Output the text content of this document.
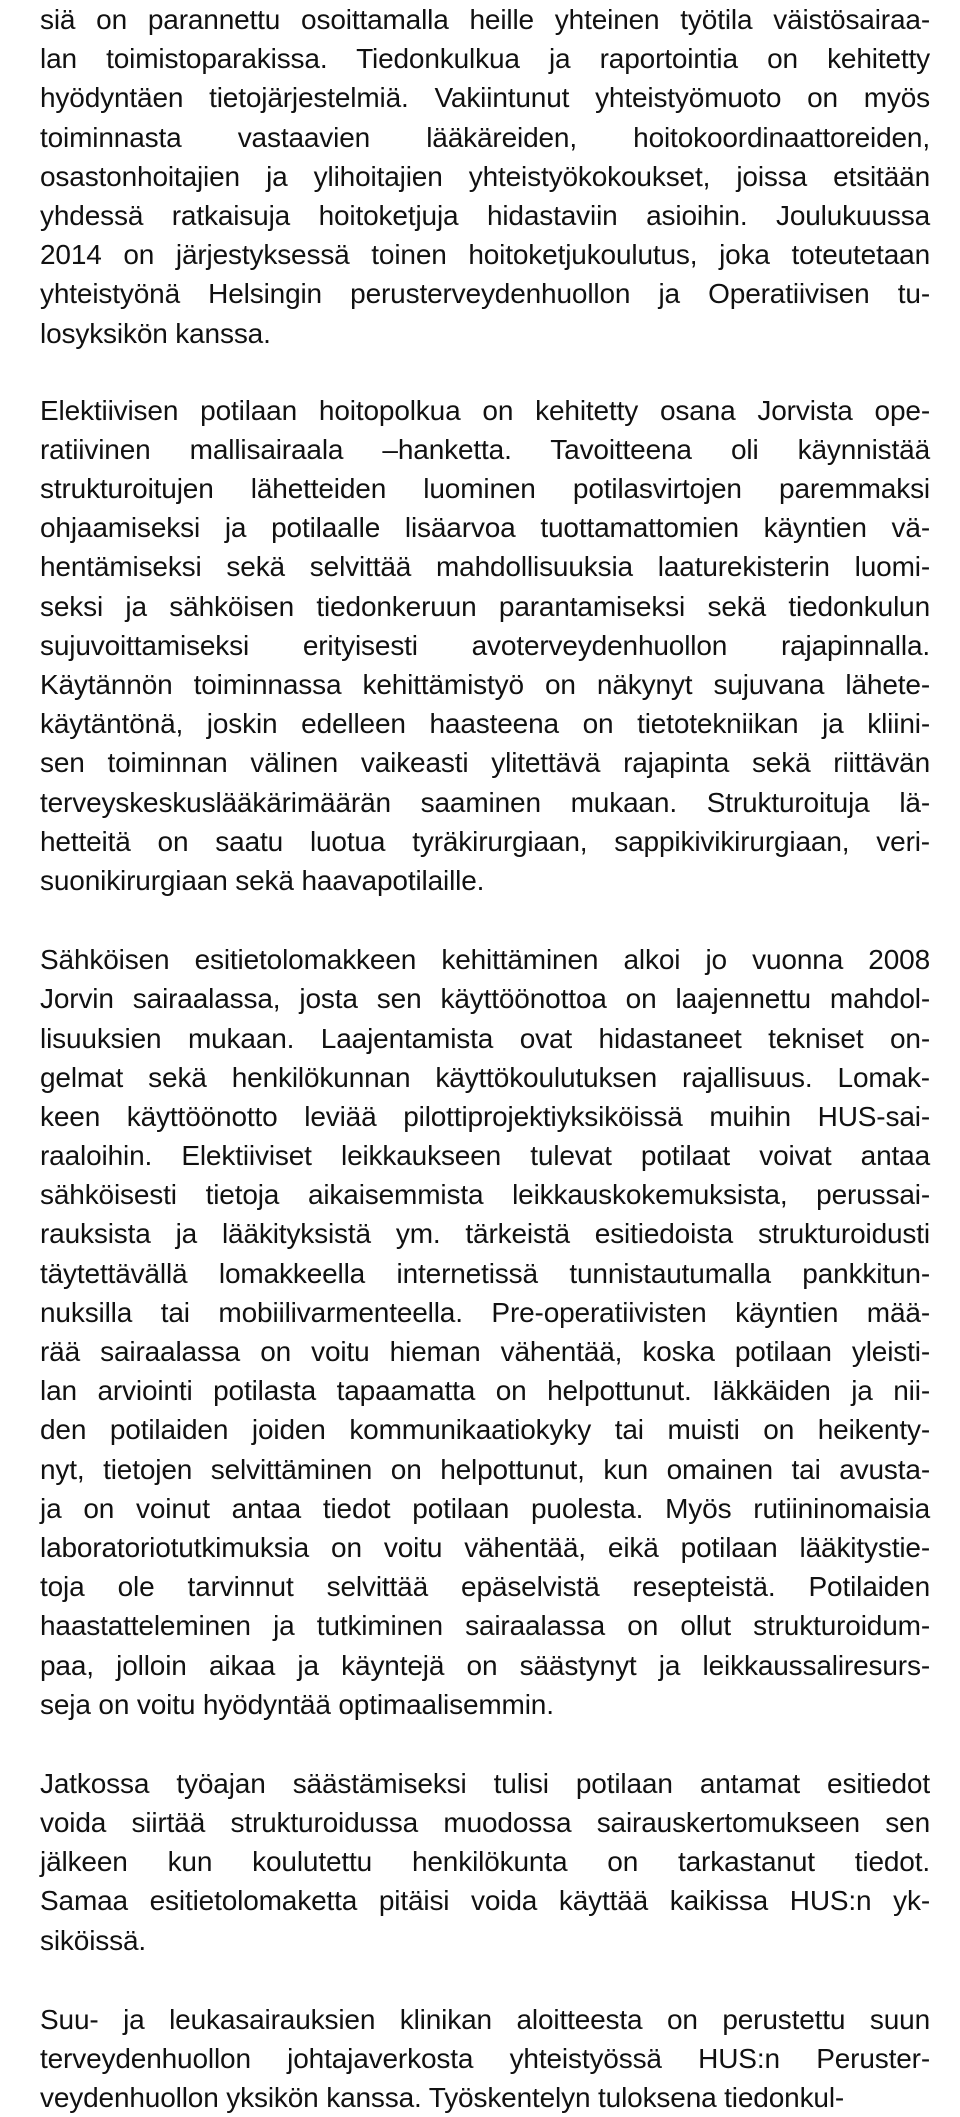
siä on parannettu osoittamalla heille yhteinen työtila väistösairaa-
lan toimistoparakissa. Tiedonkulkua ja raportointia on kehitetty
hyödyntäen tietojärjestelmiä. Vakiintunut yhteistyömuoto on myös
toiminnasta vastaavien lääkäreiden, hoitokoordinaattoreiden,
osastonhoitajien ja ylihoitajien yhteistyökokoukset, joissa etsitään
yhdessä ratkaisuja hoitoketjuja hidastaviin asioihin. Joulukuussa
2014 on järjestyksessä toinen hoitoketjukoulutus, joka toteutetaan
yhteistyönä Helsingin perusterveydenhuollon ja Operatiivisen tu-
losyksikön kanssa.
Elektiivisen potilaan hoitopolkua on kehitetty osana Jorvista ope-
ratiivinen mallisairaala –hanketta. Tavoitteena oli käynnistää
strukturoitujen lähetteiden luominen potilasvirtojen paremmaksi
ohjaamiseksi ja potilaalle lisäarvoa tuottamattomien käyntien vä-
hentämiseksi sekä selvittää mahdollisuuksia laaturekisterin luomi-
seksi ja sähköisen tiedonkeruun parantamiseksi sekä tiedonkulun
sujuvoittamiseksi erityisesti avoterveydenhuollon rajapinnalla.
Käytännön toiminnassa kehittämistyö on näkynyt sujuvana lähete-
käytäntönä, joskin edelleen haasteena on tietotekniikan ja kliini-
sen toiminnan välinen vaikeasti ylitettävä rajapinta sekä riittävän
terveyskeskuslääkärimäärän saaminen mukaan. Strukturoituja lä-
hetteitä on saatu luotua tyräkirurgiaan, sappikivikirurgiaan, veri-
suonikirurgiaan sekä haavapotilaille.
Sähköisen esitietolomakkeen kehittäminen alkoi jo vuonna 2008
Jorvin sairaalassa, josta sen käyttöönottoa on laajennettu mahdol-
lisuuksien mukaan. Laajentamista ovat hidastaneet tekniset on-
gelmat sekä henkilökunnan käyttökoulutuksen rajallisuus. Lomak-
keen käyttöönotto leviää pilottiprojektiyksiköissä muihin HUS-sai-
raaloihin. Elektiiviset leikkaukseen tulevat potilaat voivat antaa
sähköisesti tietoja aikaisemmista leikkauskokemuksista, perussai-
rauksista ja lääkityksistä ym. tärkeistä esitiedoista strukturoidusti
täytettävällä lomakkeella internetissä tunnistautumalla pankkitun-
nuksilla tai mobiilivarmenteella. Pre-operatiivisten käyntien mää-
rää sairaalassa on voitu hieman vähentää, koska potilaan yleisti-
lan arviointi potilasta tapaamatta on helpottunut. Iäkkäiden ja nii-
den potilaiden joiden kommunikaatiokyky tai muisti on heikenty-
nyt, tietojen selvittäminen on helpottunut, kun omainen tai avusta-
ja on voinut antaa tiedot potilaan puolesta. Myös rutiininomaisia
laboratoriotutkimuksia on voitu vähentää, eikä potilaan lääkitystie-
toja ole tarvinnut selvittää epäselvistä resepteistä. Potilaiden
haastatteleminen ja tutkiminen sairaalassa on ollut strukturoidum-
paa, jolloin aikaa ja käyntejä on säästynyt ja leikkaussaliresurs-
seja on voitu hyödyntää optimaalisemmin.
Jatkossa työajan säästämiseksi tulisi potilaan antamat esitiedot
voida siirtää strukturoidussa muodossa sairauskertomukseen sen
jälkeen kun koulutettu henkilökunta on tarkastanut tiedot.
Samaa esitietolomaketta pitäisi voida käyttää kaikissa HUS:n yk-
siköissä.
Suu- ja leukasairauksien klinikan aloitteesta on perustettu suun
terveydenhuollon johtajaverkosta yhteistyössä HUS:n Peruster-
veydenhuollon yksikön kanssa. Työskentelyn tuloksena tiedonkul-
